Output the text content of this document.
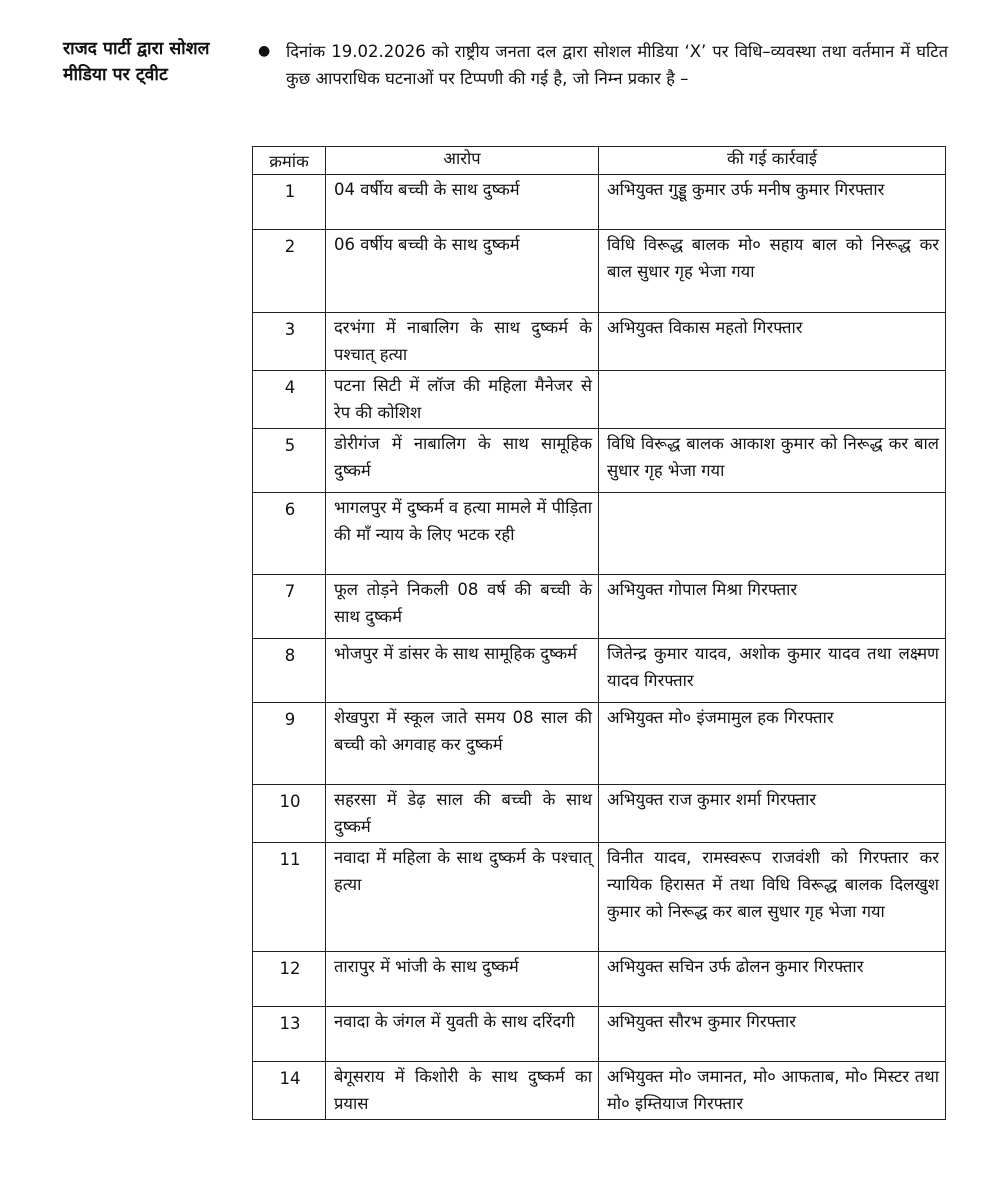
राजद पार्टी द्वारा सोशल मीडिया पर ट्वीट
● दिनांक 19.02.2026 को राष्ट्रीय जनता दल द्वारा सोशल मीडिया ‘X’ पर विधि–व्यवस्था तथा वर्तमान में घटित कुछ आपराधिक घटनाओं पर टिप्पणी की गई है, जो निम्न प्रकार है –
क्रमांक	आरोप	की गई कार्रवाई
1	04 वर्षीय बच्ची के साथ दुष्कर्म	अभियुक्त गुड्डू कुमार उर्फ मनीष कुमार गिरफ्तार
2	06 वर्षीय बच्ची के साथ दुष्कर्म	विधि विरूद्ध बालक मो० सहाय बाल को निरूद्ध कर बाल सुधार गृह भेजा गया
3	दरभंगा में नाबालिग के साथ दुष्कर्म के पश्चात् हत्या	अभियुक्त विकास महतो गिरफ्तार
4	पटना सिटी में लॉज की महिला मैनेजर से रेप की कोशिश	
5	डोरीगंज में नाबालिग के साथ सामूहिक दुष्कर्म	विधि विरूद्ध बालक आकाश कुमार को निरूद्ध कर बाल सुधार गृह भेजा गया
6	भागलपुर में दुष्कर्म व हत्या मामले में पीड़िता की माँ न्याय के लिए भटक रही	
7	फूल तोड़ने निकली 08 वर्ष की बच्ची के साथ दुष्कर्म	अभियुक्त गोपाल मिश्रा गिरफ्तार
8	भोजपुर में डांसर के साथ सामूहिक दुष्कर्म	जितेन्द्र कुमार यादव, अशोक कुमार यादव तथा लक्ष्मण यादव गिरफ्तार
9	शेखपुरा में स्कूल जाते समय 08 साल की बच्ची को अगवाह कर दुष्कर्म	अभियुक्त मो० इंजमामुल हक गिरफ्तार
10	सहरसा में डेढ़ साल की बच्ची के साथ दुष्कर्म	अभियुक्त राज कुमार शर्मा गिरफ्तार
11	नवादा में महिला के साथ दुष्कर्म के पश्चात् हत्या	विनीत यादव, रामस्वरूप राजवंशी को गिरफ्तार कर न्यायिक हिरासत में तथा विधि विरूद्ध बालक दिलखुश कुमार को निरूद्ध कर बाल सुधार गृह भेजा गया
12	तारापुर में भांजी के साथ दुष्कर्म	अभियुक्त सचिन उर्फ ढोलन कुमार गिरफ्तार
13	नवादा के जंगल में युवती के साथ दरिंदगी	अभियुक्त सौरभ कुमार गिरफ्तार
14	बेगूसराय में किशोरी के साथ दुष्कर्म का प्रयास	अभियुक्त मो० जमानत, मो० आफताब, मो० मिस्टर तथा मो० इम्तियाज गिरफ्तार
